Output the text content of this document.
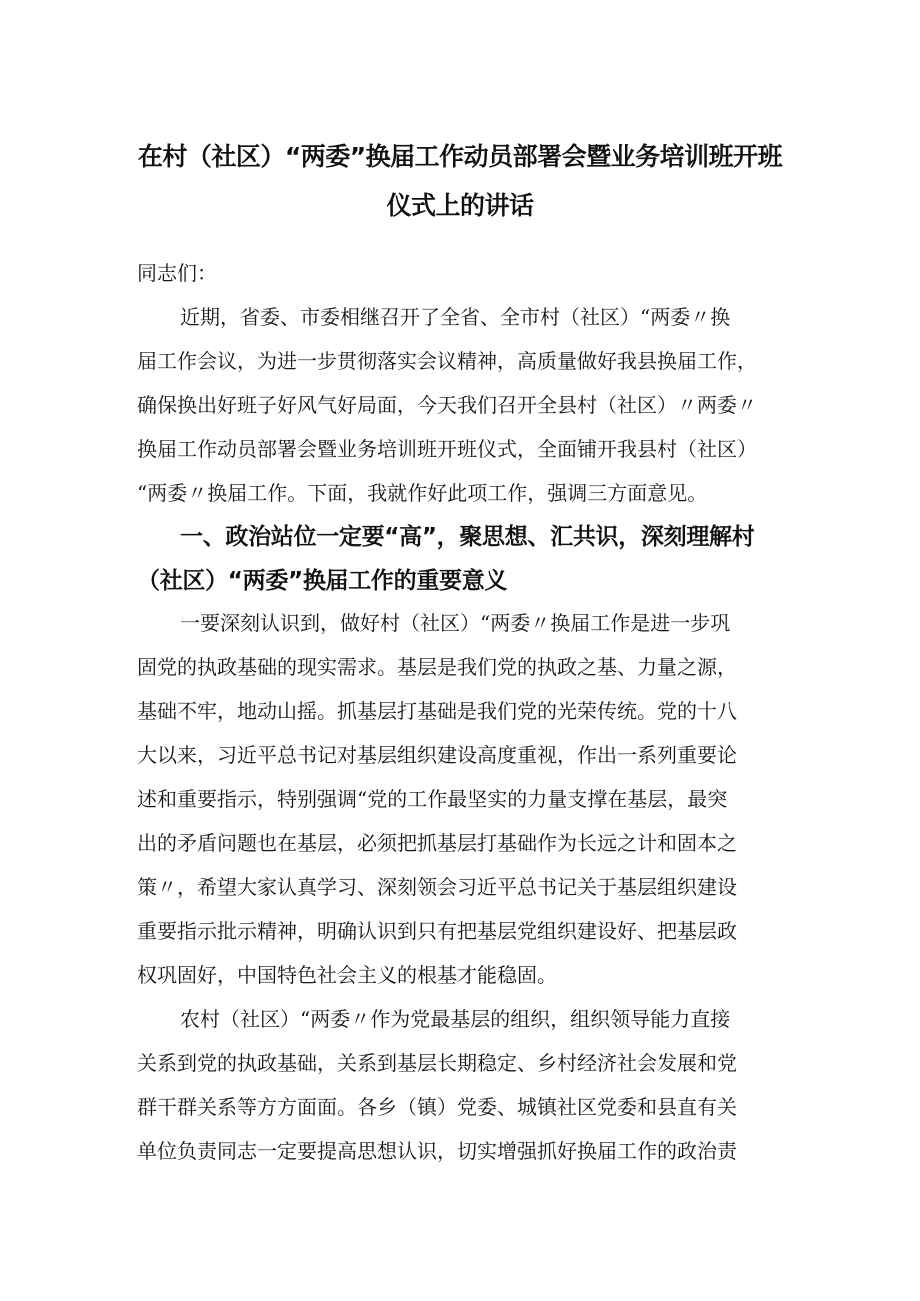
在村（社区）“两委”换届工作动员部署会暨业务培训班开班
仪式上的讲话
同志们：
近期，省委、市委相继召开了全省、全市村（社区）“两委〃换
届工作会议，为进一步贯彻落实会议精神，高质量做好我县换届工作，
确保换出好班子好风气好局面，今天我们召开全县村（社区）〃两委〃
换届工作动员部署会暨业务培训班开班仪式，全面铺开我县村（社区）
“两委〃换届工作。下面，我就作好此项工作，强调三方面意见。
一、政治站位一定要“高”，聚思想、汇共识，深刻理解村
（社区）“两委”换届工作的重要意义
一要深刻认识到，做好村（社区）“两委〃换届工作是进一步巩
固党的执政基础的现实需求。基层是我们党的执政之基、力量之源，
基础不牢，地动山摇。抓基层打基础是我们党的光荣传统。党的十八
大以来，习近平总书记对基层组织建设高度重视，作出一系列重要论
述和重要指示，特别强调“党的工作最坚实的力量支撑在基层，最突
出的矛盾问题也在基层，必须把抓基层打基础作为长远之计和固本之
策〃，希望大家认真学习、深刻领会习近平总书记关于基层组织建设
重要指示批示精神，明确认识到只有把基层党组织建设好、把基层政
权巩固好，中国特色社会主义的根基才能稳固。
农村（社区）“两委〃作为党最基层的组织，组织领导能力直接
关系到党的执政基础，关系到基层长期稳定、乡村经济社会发展和党
群干群关系等方方面面。各乡（镇）党委、城镇社区党委和县直有关
单位负责同志一定要提高思想认识，切实增强抓好换届工作的政治责
